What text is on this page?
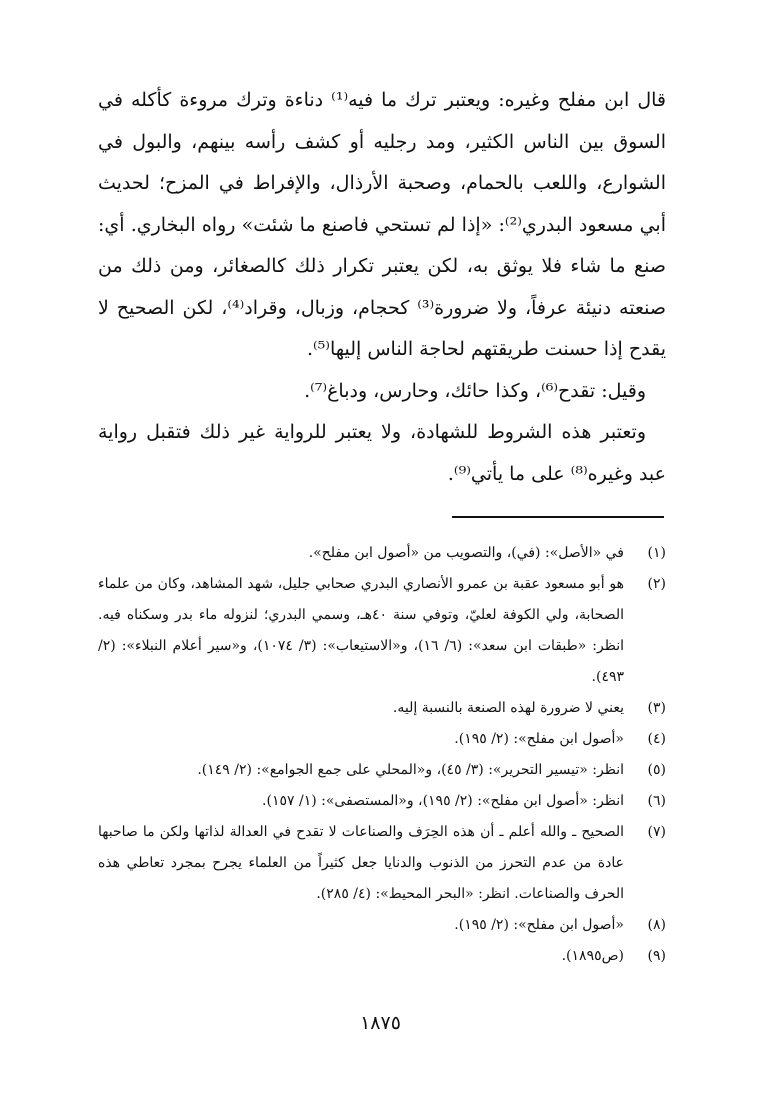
قال ابن مفلح وغيره: ويعتبر ترك ما فيه⁽¹⁾ دناءة وترك مروءة كأكله في السوق بين الناس الكثير، ومد رجليه أو كشف رأسه بينهم، والبول في الشوارع، واللعب بالحمام، وصحبة الأرذال، والإفراط في المزح؛ لحديث أبي مسعود البدري⁽²⁾: «إذا لم تستحي فاصنع ما شئت» رواه البخاري. أي: صنع ما شاء فلا يوثق به، لكن يعتبر تكرار ذلك كالصغائر، ومن ذلك من صنعته دنيئة عرفاً، ولا ضرورة⁽³⁾ كحجام، وزبال، وقراد⁽⁴⁾، لكن الصحيح لا يقدح إذا حسنت طريقتهم لحاجة الناس إليها⁽⁵⁾.

وقيل: تقدح⁽⁶⁾، وكذا حائك، وحارس، ودباغ⁽⁷⁾.

وتعتبر هذه الشروط للشهادة، ولا يعتبر للرواية غير ذلك فتقبل رواية عبد وغيره⁽⁸⁾ على ما يأتي⁽⁹⁾.

(١)
في «الأصل»: (في)، والتصويب من «أصول ابن مفلح».
(٢)
هو أبو مسعود عقبة بن عمرو الأنصاري البدري صحابي جليل، شهد المشاهد، وكان من علماء الصحابة، ولي الكوفة لعليّ، وتوفي سنة ٤٠هـ، وسمي البدري؛ لنزوله ماء بدر وسكناه فيه. انظر: «طبقات ابن سعد»: (٦/ ١٦)، و«الاستيعاب»: (٣/ ١٠٧٤)، و«سير أعلام النبلاء»: (٢/ ٤٩٣).
(٣)
يعني لا ضرورة لهذه الصنعة بالنسبة إليه.
(٤)
«أصول ابن مفلح»: (٢/ ١٩٥).
(٥)
انظر: «تيسير التحرير»: (٣/ ٤٥)، و«المحلي على جمع الجوامع»: (٢/ ١٤٩).
(٦)
انظر: «أصول ابن مفلح»: (٢/ ١٩٥)، و«المستصفى»: (١/ ١٥٧).
(٧)
الصحيح ـ والله أعلم ـ أن هذه الحِرَف والصناعات لا تقدح في العدالة لذاتها ولكن ما صاحبها عادة من عدم التحرز من الذنوب والدنايا جعل كثيراً من العلماء يجرح بمجرد تعاطي هذه الحرف والصناعات. انظر: «البحر المحيط»: (٤/ ٢٨٥).
(٨)
«أصول ابن مفلح»: (٢/ ١٩٥).
(٩)
(ص١٨٩٥).
١٨٧٥
